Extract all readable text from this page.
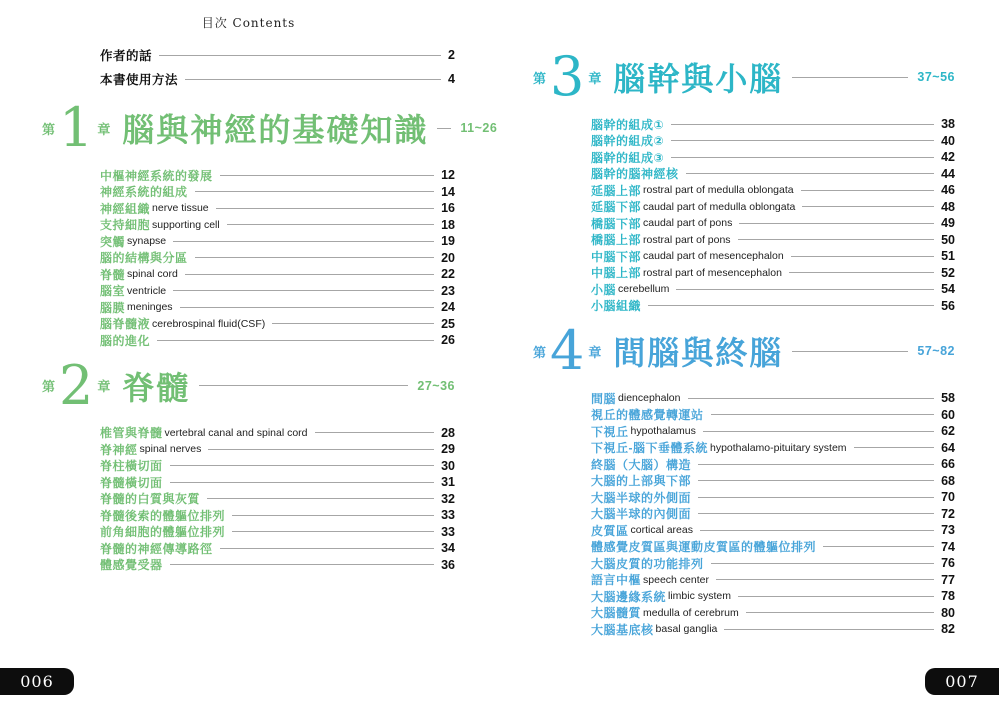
目次 Contents
作者的話	2
本書使用方法	4
第 1 章 腦與神經的基礎知識	11~26
中樞神經系統的發展	12
神經系統的組成	14
神經組織 nerve tissue	16
支持細胞 supporting cell	18
突觸 synapse	19
腦的結構與分區	20
脊髓 spinal cord	22
腦室 ventricle	23
腦膜 meninges	24
腦脊髓液 cerebrospinal fluid(CSF)	25
腦的進化	26
第 2 章 脊髓	27~36
椎管與脊髓 vertebral canal and spinal cord	28
脊神經 spinal nerves	29
脊柱橫切面	30
脊髓橫切面	31
脊髓的白質與灰質	32
脊髓後索的體軀位排列	33
前角細胞的體軀位排列	33
脊髓的神經傳導路徑	34
體感覺受器	36
第 3 章 腦幹與小腦	37~56
腦幹的組成①	38
腦幹的組成②	40
腦幹的組成③	42
腦幹的腦神經核	44
延腦上部 rostral part of medulla oblongata	46
延腦下部 caudal part of medulla oblongata	48
橋腦下部 caudal part of pons	49
橋腦上部 rostral part of pons	50
中腦下部 caudal part of mesencephalon	51
中腦上部 rostral part of mesencephalon	52
小腦 cerebellum	54
小腦組織	56
第 4 章 間腦與終腦	57~82
間腦 diencephalon	58
視丘的體感覺轉運站	60
下視丘 hypothalamus	62
下視丘-腦下垂體系統 hypothalamo-pituitary system	64
終腦（大腦）構造	66
大腦的上部與下部	68
大腦半球的外側面	70
大腦半球的內側面	72
皮質區 cortical areas	73
體感覺皮質區與運動皮質區的體軀位排列	74
大腦皮質的功能排列	76
語言中樞 speech center	77
大腦邊緣系統 limbic system	78
大腦髓質 medulla of cerebrum	80
大腦基底核 basal ganglia	82
006	007
